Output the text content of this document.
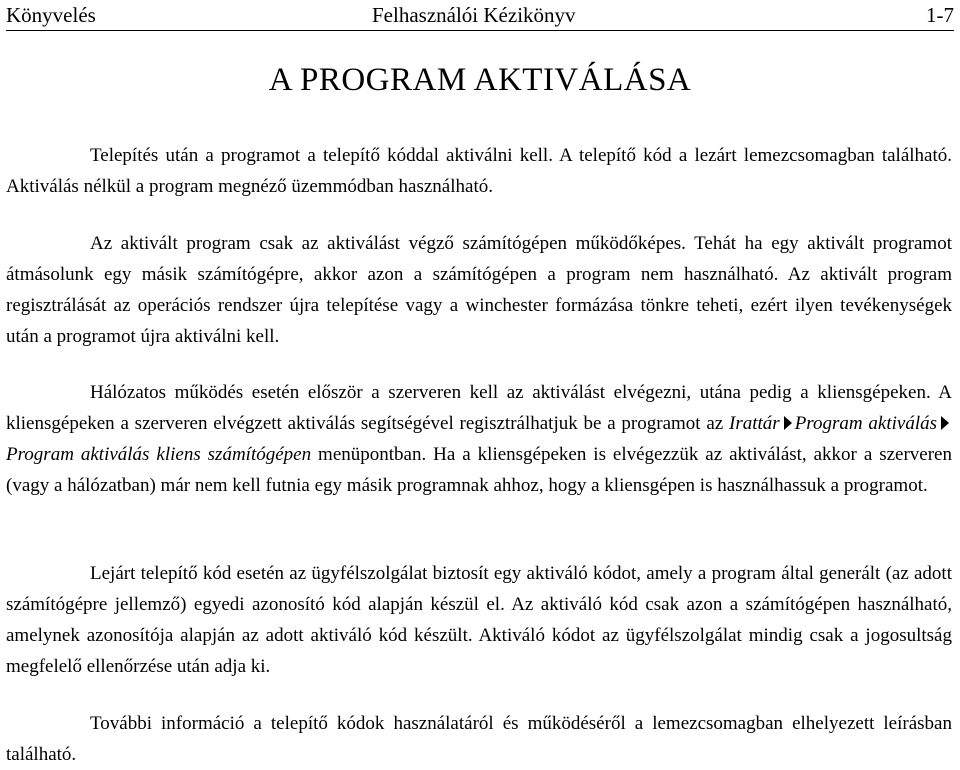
Könyvelés	Felhasználói Kézikönyv	1-7
A PROGRAM AKTIVÁLÁSA

Telepítés után a programot a telepítő kóddal aktiválni kell. A telepítő kód a lezárt lemezcsomagban található. Aktiválás nélkül a program megnéző üzemmódban használható.

Az aktivált program csak az aktiválást végző számítógépen működőképes. Tehát ha egy aktivált programot átmásolunk egy másik számítógépre, akkor azon a számítógépen a program nem használható. Az aktivált program regisztrálását az operációs rendszer újra telepítése vagy a winchester formázása tönkre teheti, ezért ilyen tevékenységek után a programot újra aktiválni kell.

Hálózatos működés esetén először a szerveren kell az aktiválást elvégezni, utána pedig a kliensgépeken. A kliensgépeken a szerveren elvégzett aktiválás segítségével regisztrálhatjuk be a programot az Irattár Program aktiválásProgram aktiválás kliens számítógépen menüpontban. Ha a kliensgépeken is elvégezzük az aktiválást, akkor a szerveren (vagy a hálózatban) már nem kell futnia egy másik programnak ahhoz, hogy a kliensgépen is használhassuk a programot.

Lejárt telepítő kód esetén az ügyfélszolgálat biztosít egy aktiváló kódot, amely a program által generált (az adott számítógépre jellemző) egyedi azonosító kód alapján készül el. Az aktiváló kód csak azon a számítógépen használható, amelynek azonosítója alapján az adott aktiváló kód készült. Aktiváló kódot az ügyfélszolgálat mindig csak a jogosultság megfelelő ellenőrzése után adja ki.

További információ a telepítő kódok használatáról és működéséről a lemezcsomagban elhelyezett leírásban található.
